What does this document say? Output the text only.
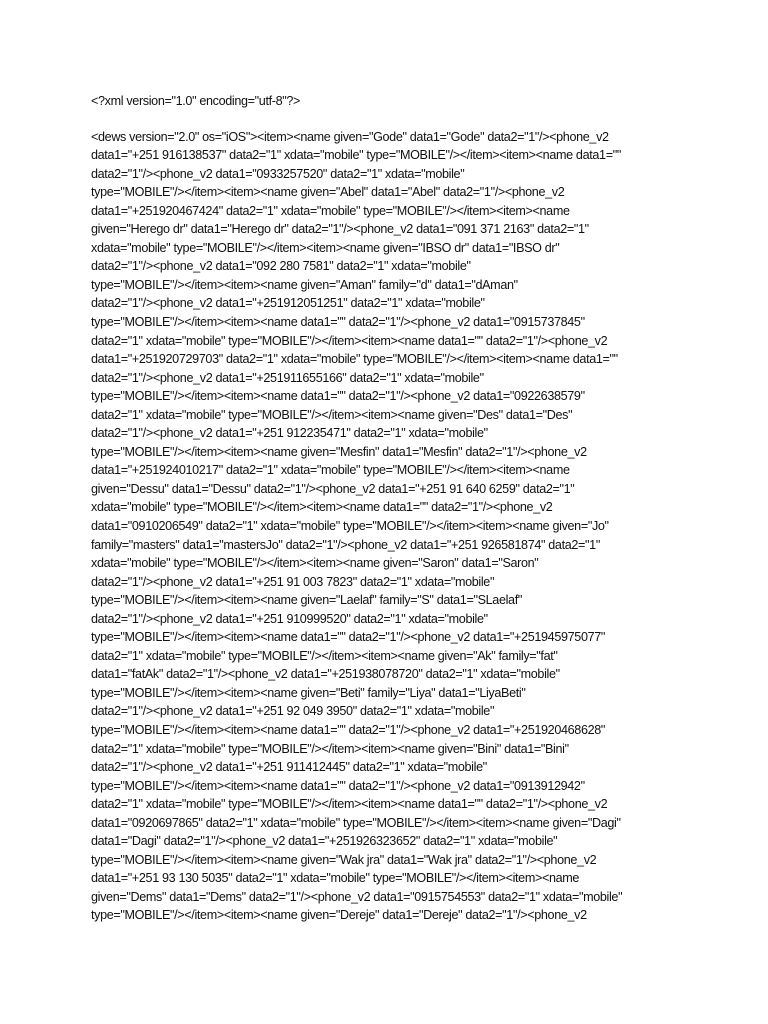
<?xml version="1.0" encoding="utf-8"?>
<dews version="2.0" os="iOS"><item><name given="Gode" data1="Gode" data2="1"/><phone_v2
data1="+251 916138537" data2="1" xdata="mobile" type="MOBILE"/></item><item><name data1=""
data2="1"/><phone_v2 data1="0933257520" data2="1" xdata="mobile"
type="MOBILE"/></item><item><name given="Abel" data1="Abel" data2="1"/><phone_v2
data1="+251920467424" data2="1" xdata="mobile" type="MOBILE"/></item><item><name
given="Herego dr" data1="Herego dr" data2="1"/><phone_v2 data1="091 371 2163" data2="1"
xdata="mobile" type="MOBILE"/></item><item><name given="IBSO dr" data1="IBSO dr"
data2="1"/><phone_v2 data1="092 280 7581" data2="1" xdata="mobile"
type="MOBILE"/></item><item><name given="Aman" family="d" data1="dAman"
data2="1"/><phone_v2 data1="+251912051251" data2="1" xdata="mobile"
type="MOBILE"/></item><item><name data1="" data2="1"/><phone_v2 data1="0915737845"
data2="1" xdata="mobile" type="MOBILE"/></item><item><name data1="" data2="1"/><phone_v2
data1="+251920729703" data2="1" xdata="mobile" type="MOBILE"/></item><item><name data1=""
data2="1"/><phone_v2 data1="+251911655166" data2="1" xdata="mobile"
type="MOBILE"/></item><item><name data1="" data2="1"/><phone_v2 data1="0922638579"
data2="1" xdata="mobile" type="MOBILE"/></item><item><name given="Des" data1="Des"
data2="1"/><phone_v2 data1="+251 912235471" data2="1" xdata="mobile"
type="MOBILE"/></item><item><name given="Mesfin" data1="Mesfin" data2="1"/><phone_v2
data1="+251924010217" data2="1" xdata="mobile" type="MOBILE"/></item><item><name
given="Dessu" data1="Dessu" data2="1"/><phone_v2 data1="+251 91 640 6259" data2="1"
xdata="mobile" type="MOBILE"/></item><item><name data1="" data2="1"/><phone_v2
data1="0910206549" data2="1" xdata="mobile" type="MOBILE"/></item><item><name given="Jo"
family="masters" data1="mastersJo" data2="1"/><phone_v2 data1="+251 926581874" data2="1"
xdata="mobile" type="MOBILE"/></item><item><name given="Saron" data1="Saron"
data2="1"/><phone_v2 data1="+251 91 003 7823" data2="1" xdata="mobile"
type="MOBILE"/></item><item><name given="Laelaf" family="S" data1="SLaelaf"
data2="1"/><phone_v2 data1="+251 910999520" data2="1" xdata="mobile"
type="MOBILE"/></item><item><name data1="" data2="1"/><phone_v2 data1="+251945975077"
data2="1" xdata="mobile" type="MOBILE"/></item><item><name given="Ak" family="fat"
data1="fatAk" data2="1"/><phone_v2 data1="+251938078720" data2="1" xdata="mobile"
type="MOBILE"/></item><item><name given="Beti" family="Liya" data1="LiyaBeti"
data2="1"/><phone_v2 data1="+251 92 049 3950" data2="1" xdata="mobile"
type="MOBILE"/></item><item><name data1="" data2="1"/><phone_v2 data1="+251920468628"
data2="1" xdata="mobile" type="MOBILE"/></item><item><name given="Bini" data1="Bini"
data2="1"/><phone_v2 data1="+251 911412445" data2="1" xdata="mobile"
type="MOBILE"/></item><item><name data1="" data2="1"/><phone_v2 data1="0913912942"
data2="1" xdata="mobile" type="MOBILE"/></item><item><name data1="" data2="1"/><phone_v2
data1="0920697865" data2="1" xdata="mobile" type="MOBILE"/></item><item><name given="Dagi"
data1="Dagi" data2="1"/><phone_v2 data1="+251926323652" data2="1" xdata="mobile"
type="MOBILE"/></item><item><name given="Wak jra" data1="Wak jra" data2="1"/><phone_v2
data1="+251 93 130 5035" data2="1" xdata="mobile" type="MOBILE"/></item><item><name
given="Dems" data1="Dems" data2="1"/><phone_v2 data1="0915754553" data2="1" xdata="mobile"
type="MOBILE"/></item><item><name given="Dereje" data1="Dereje" data2="1"/><phone_v2
